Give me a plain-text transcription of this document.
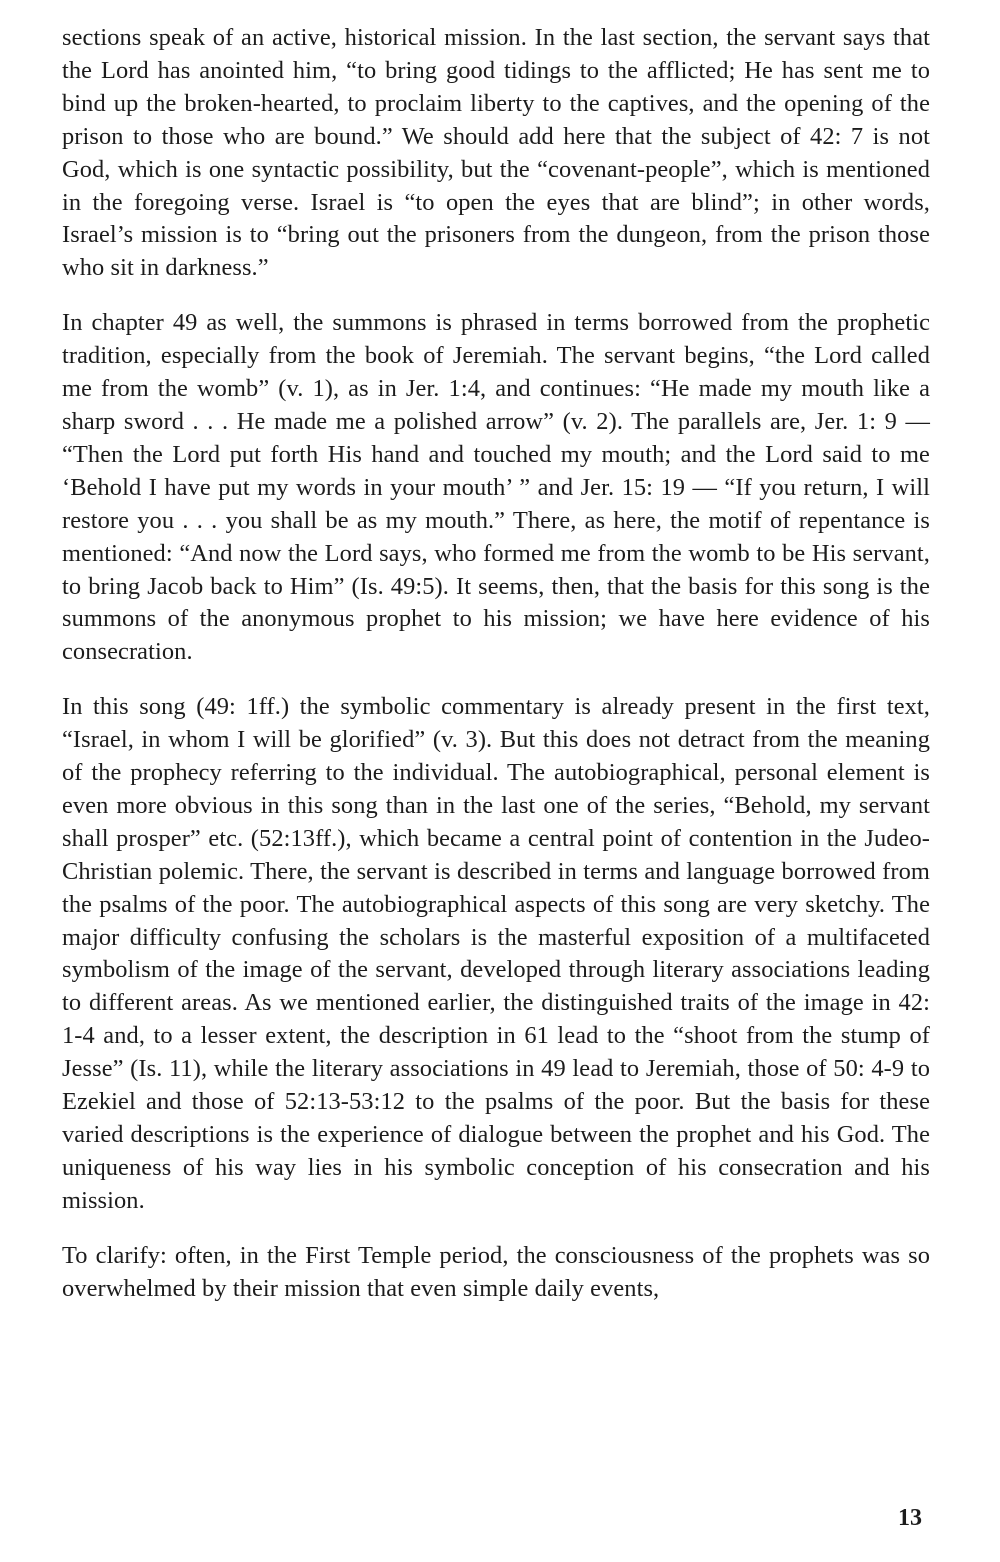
sections speak of an active, historical mission. In the last section, the servant says that the Lord has anointed him, “to bring good tidings to the afflicted; He has sent me to bind up the broken-hearted, to proclaim liberty to the captives, and the opening of the prison to those who are bound.” We should add here that the subject of 42: 7 is not God, which is one syntactic possibility, but the “covenant-people”, which is mentioned in the foregoing verse. Israel is “to open the eyes that are blind”; in other words, Israel’s mission is to “bring out the prisoners from the dungeon, from the prison those who sit in darkness.”

In chapter 49 as well, the summons is phrased in terms borrowed from the prophetic tradition, especially from the book of Jeremiah. The servant begins, “the Lord called me from the womb” (v. 1), as in Jer. 1:4, and continues: “He made my mouth like a sharp sword . . . He made me a polished arrow” (v. 2). The parallels are, Jer. 1: 9 — “Then the Lord put forth His hand and touched my mouth; and the Lord said to me ‘Behold I have put my words in your mouth’ ” and Jer. 15: 19 — “If you return, I will restore you . . . you shall be as my mouth.” There, as here, the motif of repentance is mentioned: “And now the Lord says, who formed me from the womb to be His servant, to bring Jacob back to Him” (Is. 49:5). It seems, then, that the basis for this song is the summons of the anonymous prophet to his mission; we have here evidence of his consecration.

In this song (49: 1ff.) the symbolic commentary is already present in the first text, “Israel, in whom I will be glorified” (v. 3). But this does not detract from the meaning of the prophecy referring to the individual. The autobiographical, personal element is even more obvious in this song than in the last one of the series, “Behold, my servant shall prosper” etc. (52:13ff.), which became a central point of contention in the Judeo-Christian polemic. There, the servant is described in terms and language borrowed from the psalms of the poor. The autobiographical aspects of this song are very sketchy. The major difficulty confusing the scholars is the masterful exposition of a multifaceted symbolism of the image of the servant, developed through literary associations leading to different areas. As we mentioned earlier, the distinguished traits of the image in 42: 1-4 and, to a lesser extent, the description in 61 lead to the “shoot from the stump of Jesse” (Is. 11), while the literary associations in 49 lead to Jeremiah, those of 50: 4-9 to Ezekiel and those of 52:13-53:12 to the psalms of the poor. But the basis for these varied descriptions is the experience of dialogue between the prophet and his God. The uniqueness of his way lies in his symbolic conception of his consecration and his mission.

To clarify: often, in the First Temple period, the consciousness of the prophets was so overwhelmed by their mission that even simple daily events,

13
